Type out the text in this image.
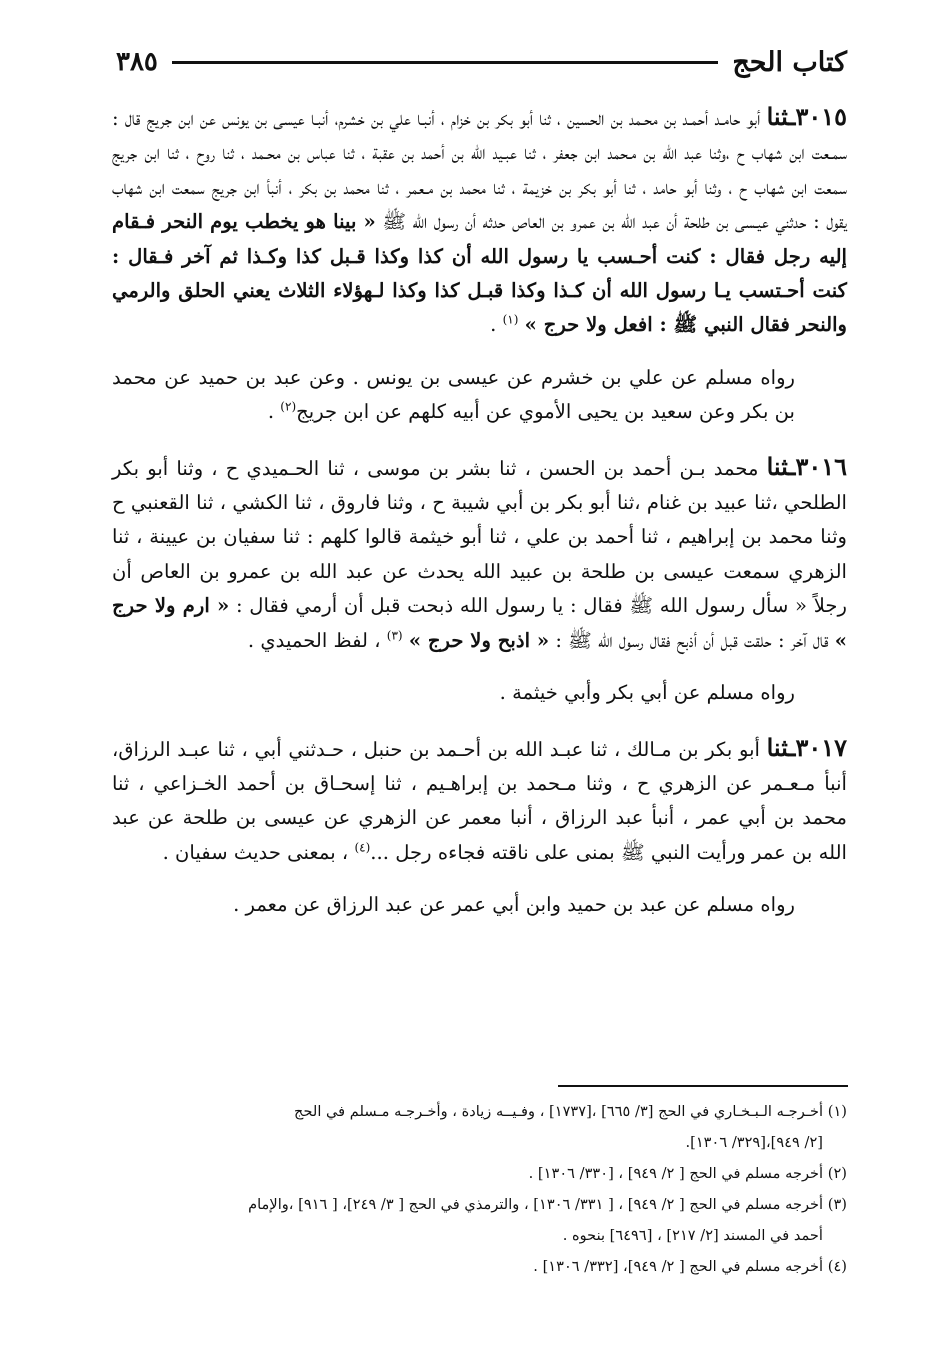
كتاب الحج
٣٨٥

٣٠١٥ـثنا أبو حامـد أحمـد بن محـمد بن الحسين ، ثنا أبو بكر بن خزام ، أنبـا علي بن خشرم، أنبـا عيسى بن يونس عن ابن جريج قال : سمـعت ابن شهاب ح ،وثنا عبد الله بن مـحمد ابن جعفر ، ثنا عبـيد الله بن أحمد بن عقبة ، ثنا عباس بن محـمد ، ثنا روح ، ثنا ابن جريج سمعت ابن شهاب ح ، وثنا أبو حامد ، ثنا أبو بكر بن خزيمة ، ثنا محمد بن مـعمر ، ثنا محمد بن بكر ، أنبأ ابن جريج سمعت ابن شهاب يقول : حدثني عيـسى بن طلحة أن عبد الله بن عمرو بن العاص حدثه أن رسول الله ﷺ « بينا هو يخطب يوم النحر فـقام إليه رجل فقال : كنت أحـسب يا رسول الله أن كذا وكذا قـبل كذا وكـذا ثم آخر فـقال : كنت أحـتسب يـا رسول الله أن كـذا وكذا قبـل كذا وكذا لـهؤلاء الثلاث يعني الحلق والرمي والنحر فقال النبي ﷺ : افعل ولا حرج » $^{(١)}$ .

رواه مسلم عن علي بن خشرم عن عيسى بن يونس . وعن عبد بن حميد عن محمد بن بكر وعن سعيد بن يحيى الأموي عن أبيه كلهم عن ابن جريج$^{(٢)}$ .

٣٠١٦ـثنا محمد بـن أحمد بن الحسن ، ثنا بشر بن موسى ، ثنا الحـميدي ح ، وثنا أبو بكر الطلحي ،ثنا عبيد بن غنام ،ثنا أبو بكر بن أبي شيبة ح ، وثنا فاروق ، ثنا الكشي ، ثنا القعنبي ح وثنا محمد بن إبراهيم ، ثنا أحمد بن علي ، ثنا أبو خيثمة قالوا كلهم : ثنا سفيان بن عيينة ، ثنا الزهري سمعت عيسى بن طلحة بن عبيد الله يحدث عن عبد الله بن عمرو بن العاص أن رجلاً « سأل رسول الله ﷺ فقال : يا رسول الله ذبحت قبل أن أرمي فقال : « ارم ولا حرج » قال آخر : حلقت قبل أن أذبح فقال رسول الله ﷺ : « اذبح ولا حرج » $^{(٣)}$ ، لفظ الحميدي .

رواه مسلم عن أبي بكر وأبي خيثمة .

٣٠١٧ـثنا أبو بكر بن مـالك ، ثنا عبـد الله بن أحـمد بن حنبل ، حـدثني أبي ، ثنا عبـد الرزاق، أنبأ مـعـمر عن الزهري ح ، وثنا مـحمد بن إبراهـيم ، ثنا إسحـاق بن أحمد الخـزاعي ، ثنا محمد بن أبي عمر ، أنبأ عبد الرزاق ، أنبا معمر عن الزهري عن عيسى بن طلحة عن عبد الله بن عمر ورأيت النبي ﷺ بمنى على ناقته فجاءه رجل ...$^{(٤)}$ ، بمعنى حديث سفيان .

رواه مسلم عن عبد بن حميد وابن أبي عمر عن عبد الرزاق عن معمر .

(١) أخـرجـه الـبـخـاري في الحج [٣/ ٦٦٥] ،[١٧٣٧] ، وفـيــه زيادة ، وأخـرجـه مـسلم في الحج

[٢/ ٩٤٩]،[٣٢٩/ ١٣٠٦].

(٢) أخرجه مسلم في الحج [ ٢/ ٩٤٩] ، [٣٣٠/ ١٣٠٦] .

(٣) أخرجه مسلم في الحج [ ٢/ ٩٤٩] ، [ ٣٣١/ ١٣٠٦] ، والترمذي في الحج [ ٣/ ٢٤٩]، [ ٩١٦] ،والإمام

أحمد في المسند [٢/ ٢١٧] ، [٦٤٩٦] بنحوه .

(٤) أخرجه مسلم في الحج [ ٢/ ٩٤٩]، [٣٣٢/ ١٣٠٦] .
